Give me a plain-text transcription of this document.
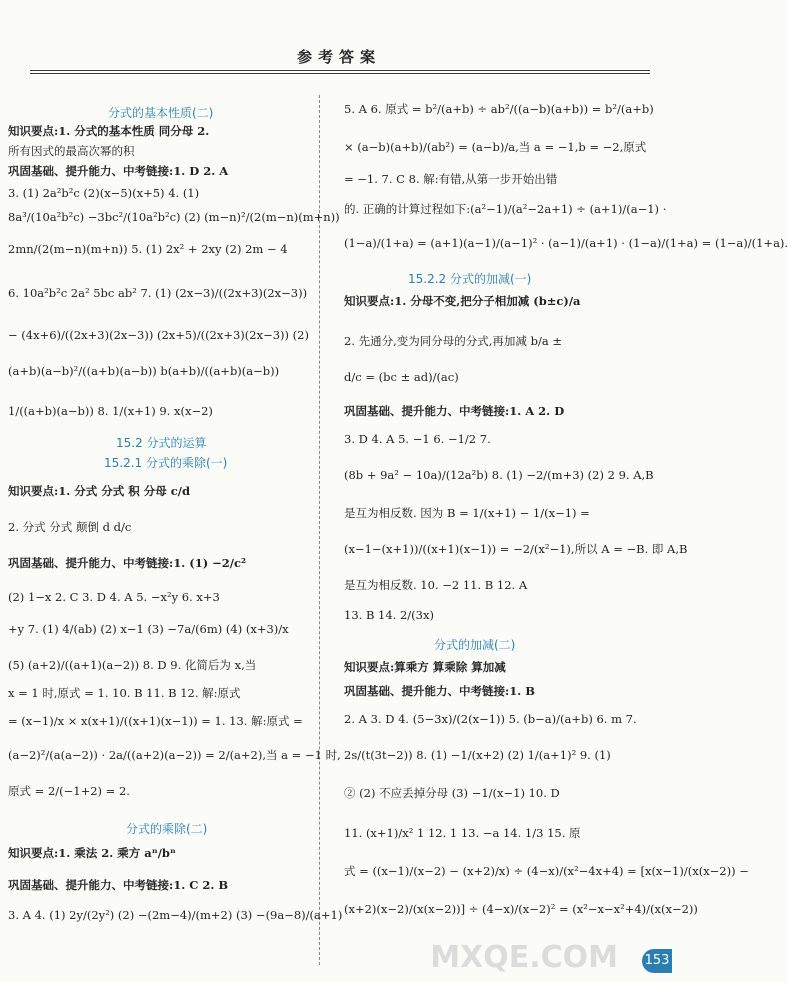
参考答案
分式的基本性质(二)
知识要点:1. 分式的基本性质 同分母 2.
所有因式的最高次幂的积
巩固基础、提升能力、中考链接:1. D 2. A
3. (1) 2a²b²c (2)(x−5)(x+5) 4. (1)
8a³/(10a²b²c) −3bc²/(10a²b²c) (2) (m−n)²/(2(m−n)(m+n))
2mn/(2(m−n)(m+n)) 5. (1) 2x² + 2xy (2) 2m − 4
6. 10a²b²c 2a² 5bc ab² 7. (1) (2x−3)/((2x+3)(2x−3))
− (4x+6)/((2x+3)(2x−3)) (2x+5)/((2x+3)(2x−3)) (2)
(a+b)(a−b)²/((a+b)(a−b)) b(a+b)/((a+b)(a−b))
1/((a+b)(a−b)) 8. 1/(x+1) 9. x(x−2)
15.2 分式的运算
15.2.1 分式的乘除(一)
知识要点:1. 分式 分式 积 分母 c/d
2. 分式 分式 颠倒 d d/c
巩固基础、提升能力、中考链接:1. (1) −2/c²
(2) 1−x 2. C 3. D 4. A 5. −x²y 6. x+3
+y 7. (1) 4/(ab) (2) x−1 (3) −7a/(6m) (4) (x+3)/x
(5) (a+2)/((a+1)(a−2)) 8. D 9. 化简后为 x,当
x = 1 时,原式 = 1. 10. B 11. B 12. 解:原式
= (x−1)/x × x(x+1)/((x+1)(x−1)) = 1. 13. 解:原式 =
(a−2)²/(a(a−2)) · 2a/((a+2)(a−2)) = 2/(a+2),当 a = −1 时,
原式 = 2/(−1+2) = 2.
分式的乘除(二)
知识要点:1. 乘法 2. 乘方 aⁿ/bⁿ
巩固基础、提升能力、中考链接:1. C 2. B
3. A 4. (1) 2y/(2y²) (2) −(2m−4)/(m+2) (3) −(9a−8)/(a+1)
5. A 6. 原式 = b²/(a+b) ÷ ab²/((a−b)(a+b)) = b²/(a+b)
× (a−b)(a+b)/(ab²) = (a−b)/a,当 a = −1,b = −2,原式
= −1. 7. C 8. 解:有错,从第一步开始出错
的. 正确的计算过程如下:(a²−1)/(a²−2a+1) ÷ (a+1)/(a−1) ·
(1−a)/(1+a) = (a+1)(a−1)/(a−1)² · (a−1)/(a+1) · (1−a)/(1+a) = (1−a)/(1+a).
15.2.2 分式的加减(一)
知识要点:1. 分母不变,把分子相加减 (b±c)/a
2. 先通分,变为同分母的分式,再加减 b/a ±
d/c = (bc ± ad)/(ac)
巩固基础、提升能力、中考链接:1. A 2. D
3. D 4. A 5. −1 6. −1/2 7.
(8b + 9a² − 10a)/(12a²b) 8. (1) −2/(m+3) (2) 2 9. A,B
是互为相反数. 因为 B = 1/(x+1) − 1/(x−1) =
(x−1−(x+1))/((x+1)(x−1)) = −2/(x²−1),所以 A = −B. 即 A,B
是互为相反数. 10. −2 11. B 12. A
13. B 14. 2/(3x)
分式的加减(二)
知识要点:算乘方 算乘除 算加减
巩固基础、提升能力、中考链接:1. B
2. A 3. D 4. (5−3x)/(2(x−1)) 5. (b−a)/(a+b) 6. m 7.
2s/(t(3t−2)) 8. (1) −1/(x+2) (2) 1/(a+1)² 9. (1)
② (2) 不应丢掉分母 (3) −1/(x−1) 10. D
11. (x+1)/x² 1 12. 1 13. −a 14. 1/3 15. 原
式 = ((x−1)/(x−2) − (x+2)/x) ÷ (4−x)/(x²−4x+4) = [x(x−1)/(x(x−2)) −
(x+2)(x−2)/(x(x−2))] ÷ (4−x)/(x−2)² = (x²−x−x²+4)/(x(x−2))
MXQE.COM 153
